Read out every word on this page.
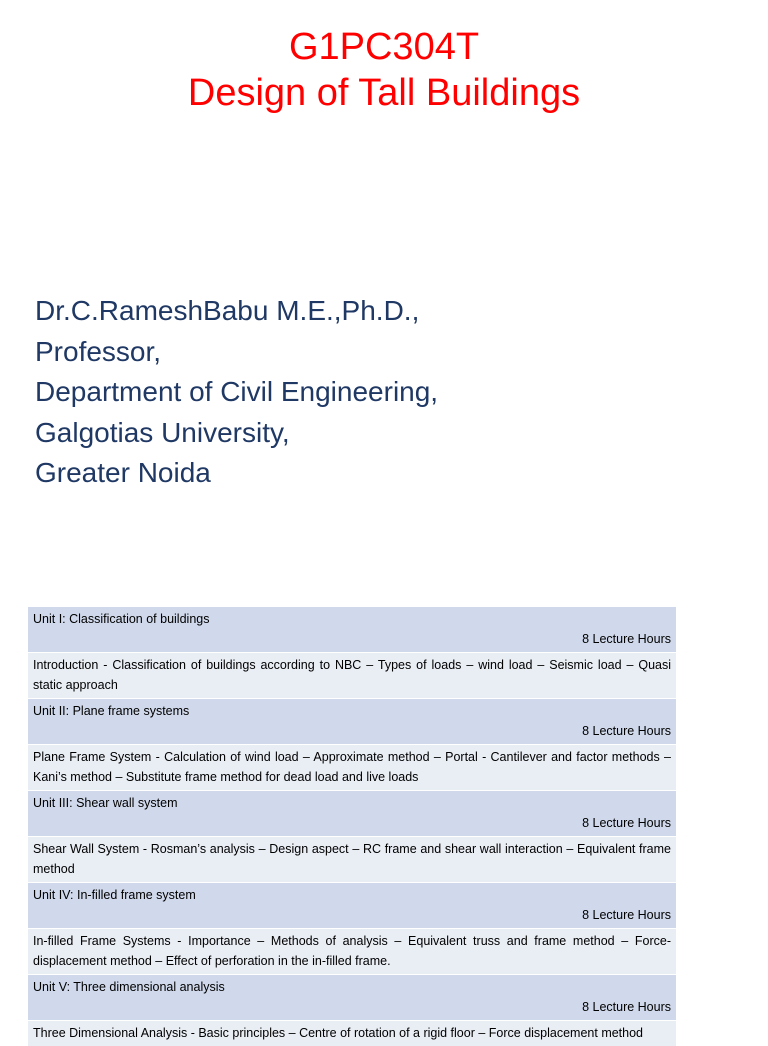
G1PC304T
Design of Tall Buildings
Dr.C.RameshBabu M.E.,Ph.D.,
Professor,
Department of Civil Engineering,
Galgotias University,
Greater Noida
Unit I: Classification of buildings
8 Lecture Hours

Introduction - Classification of buildings according to NBC – Types of loads – wind load – Seismic load – Quasi static approach

Unit II: Plane frame systems
8 Lecture Hours

Plane Frame System - Calculation of wind load – Approximate method – Portal - Cantilever and factor methods – Kani’s method – Substitute frame method for dead load and live loads

Unit III: Shear wall system
8 Lecture Hours

Shear Wall System - Rosman’s analysis – Design aspect – RC frame and shear wall interaction – Equivalent frame method

Unit IV: In-filled frame system
8 Lecture Hours

In-filled Frame Systems - Importance – Methods of analysis – Equivalent truss and frame method – Force-displacement method – Effect of perforation in the in-filled frame.

Unit V: Three dimensional analysis
8 Lecture Hours

Three Dimensional Analysis - Basic principles – Centre of rotation of a rigid floor – Force displacement method
